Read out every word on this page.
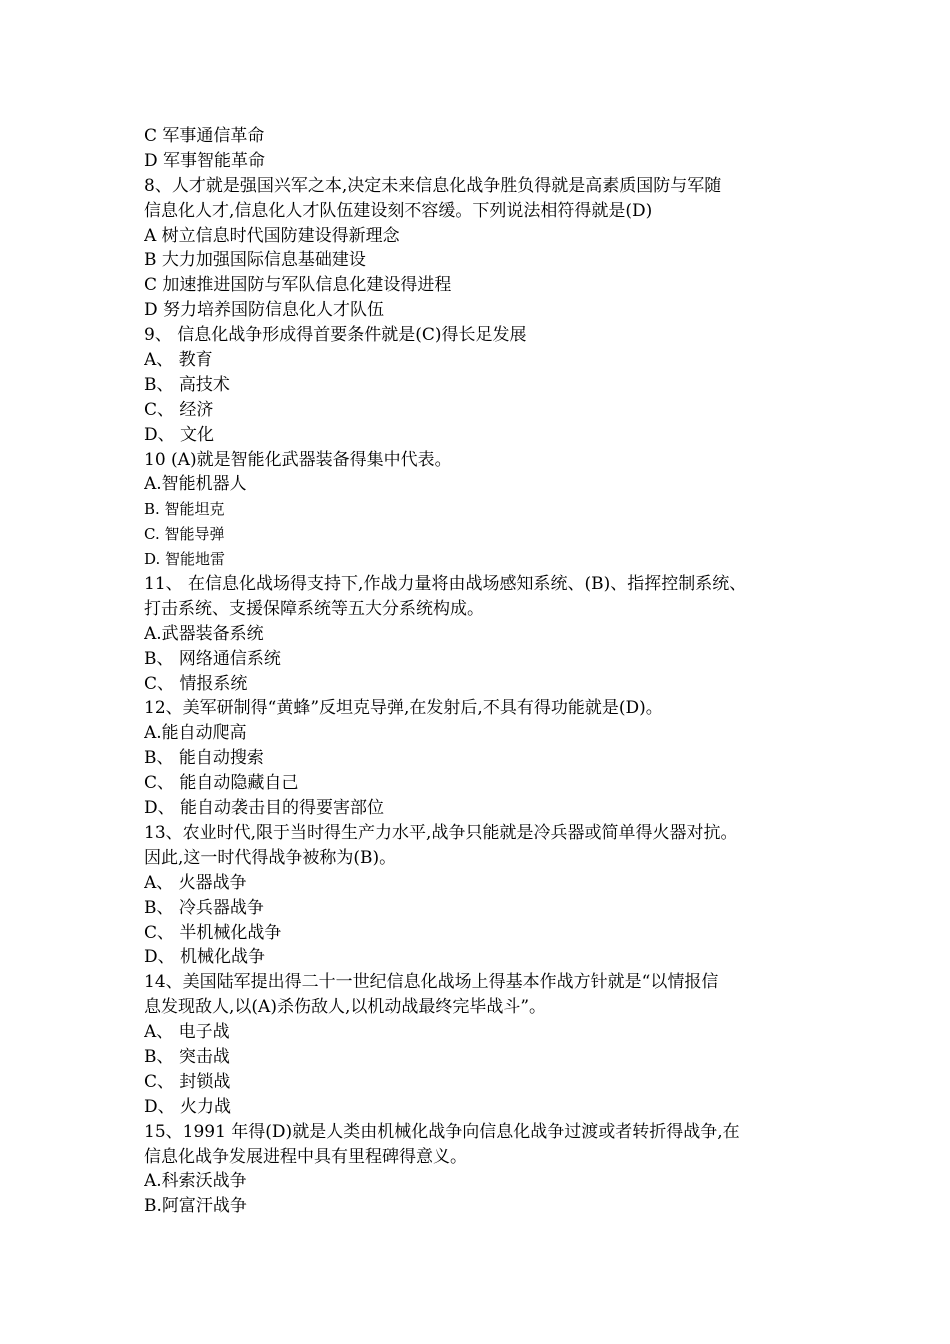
C 军事通信革命
D 军事智能革命
8、人才就是强国兴军之本,决定未来信息化战争胜负得就是高素质国防与军随
信息化人才,信息化人才队伍建设刻不容缓。下列说法相符得就是(D)
A 树立信息时代国防建设得新理念
B 大力加强国际信息基础建设
C 加速推进国防与军队信息化建设得进程
D 努力培养国防信息化人才队伍
9、 信息化战争形成得首要条件就是(C)得长足发展
A、 教育
B、 高技术
C、 经济
D、 文化
10 (A)就是智能化武器装备得集中代表。
A.智能机器人
B. 智能坦克
C. 智能导弹
D. 智能地雷
11、 在信息化战场得支持下,作战力量将由战场感知系统、(B)、指挥控制系统、
打击系统、支援保障系统等五大分系统构成。
A.武器装备系统
B、 网络通信系统
C、 情报系统
12、美军研制得“黄蜂”反坦克导弹,在发射后,不具有得功能就是(D)。
A.能自动爬高
B、 能自动搜索
C、 能自动隐藏自己
D、 能自动袭击目的得要害部位
13、农业时代,限于当时得生产力水平,战争只能就是冷兵器或简单得火器对抗。
因此,这一时代得战争被称为(B)。
A、 火器战争
B、 冷兵器战争
C、 半机械化战争
D、 机械化战争
14、美国陆军提出得二十一世纪信息化战场上得基本作战方针就是“以情报信
息发现敌人,以(A)杀伤敌人,以机动战最终完毕战斗”。
A、 电子战
B、 突击战
C、 封锁战
D、 火力战
15、1991 年得(D)就是人类由机械化战争向信息化战争过渡或者转折得战争,在
信息化战争发展进程中具有里程碑得意义。
A.科索沃战争
B.阿富汗战争
